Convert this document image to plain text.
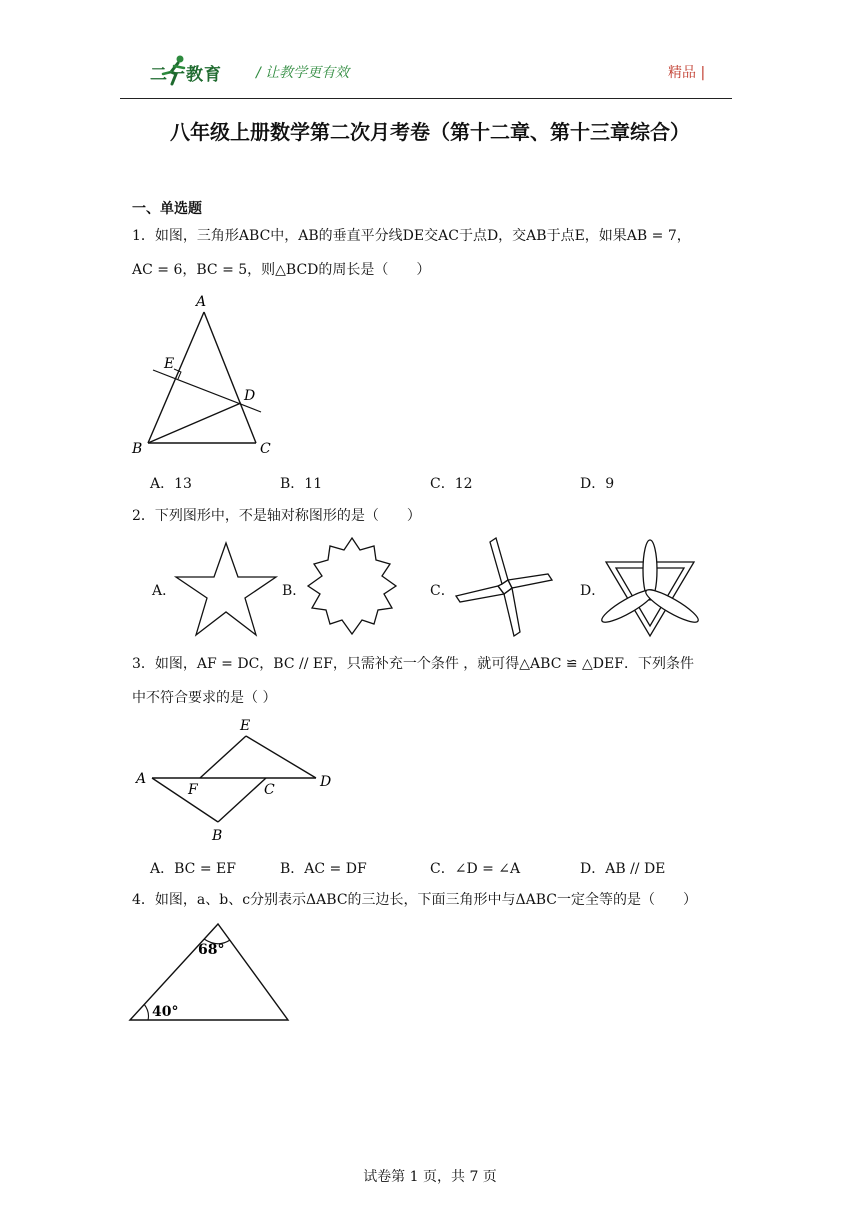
二一教育 / 让教学更有效	精品 |
八年级上册数学第二次月考卷（第十二章、第十三章综合）
一、单选题
1．如图，三角形ABC中，AB的垂直平分线DE交AC于点D，交AB于点E，如果AB = 7，
AC = 6，BC = 5，则△BCD的周长是（　　）
A
E
D
B	C
A．13	B．11	C．12	D．9
2．下列图形中，不是轴对称图形的是（　　）
A．	B．	C．	D．
3．如图，AF = DC，BC // EF，只需补充一个条件 ，就可得△ABC ≌ △DEF．下列条件
中不符合要求的是（ ）
E
A
F	C	D
B
A．BC = EF	B．AC = DF	C．∠D = ∠A	D．AB // DE
4．如图，a、b、c分别表示ΔABC的三边长，下面三角形中与ΔABC一定全等的是（　　）
68°
40°
试卷第 1 页，共 7 页
